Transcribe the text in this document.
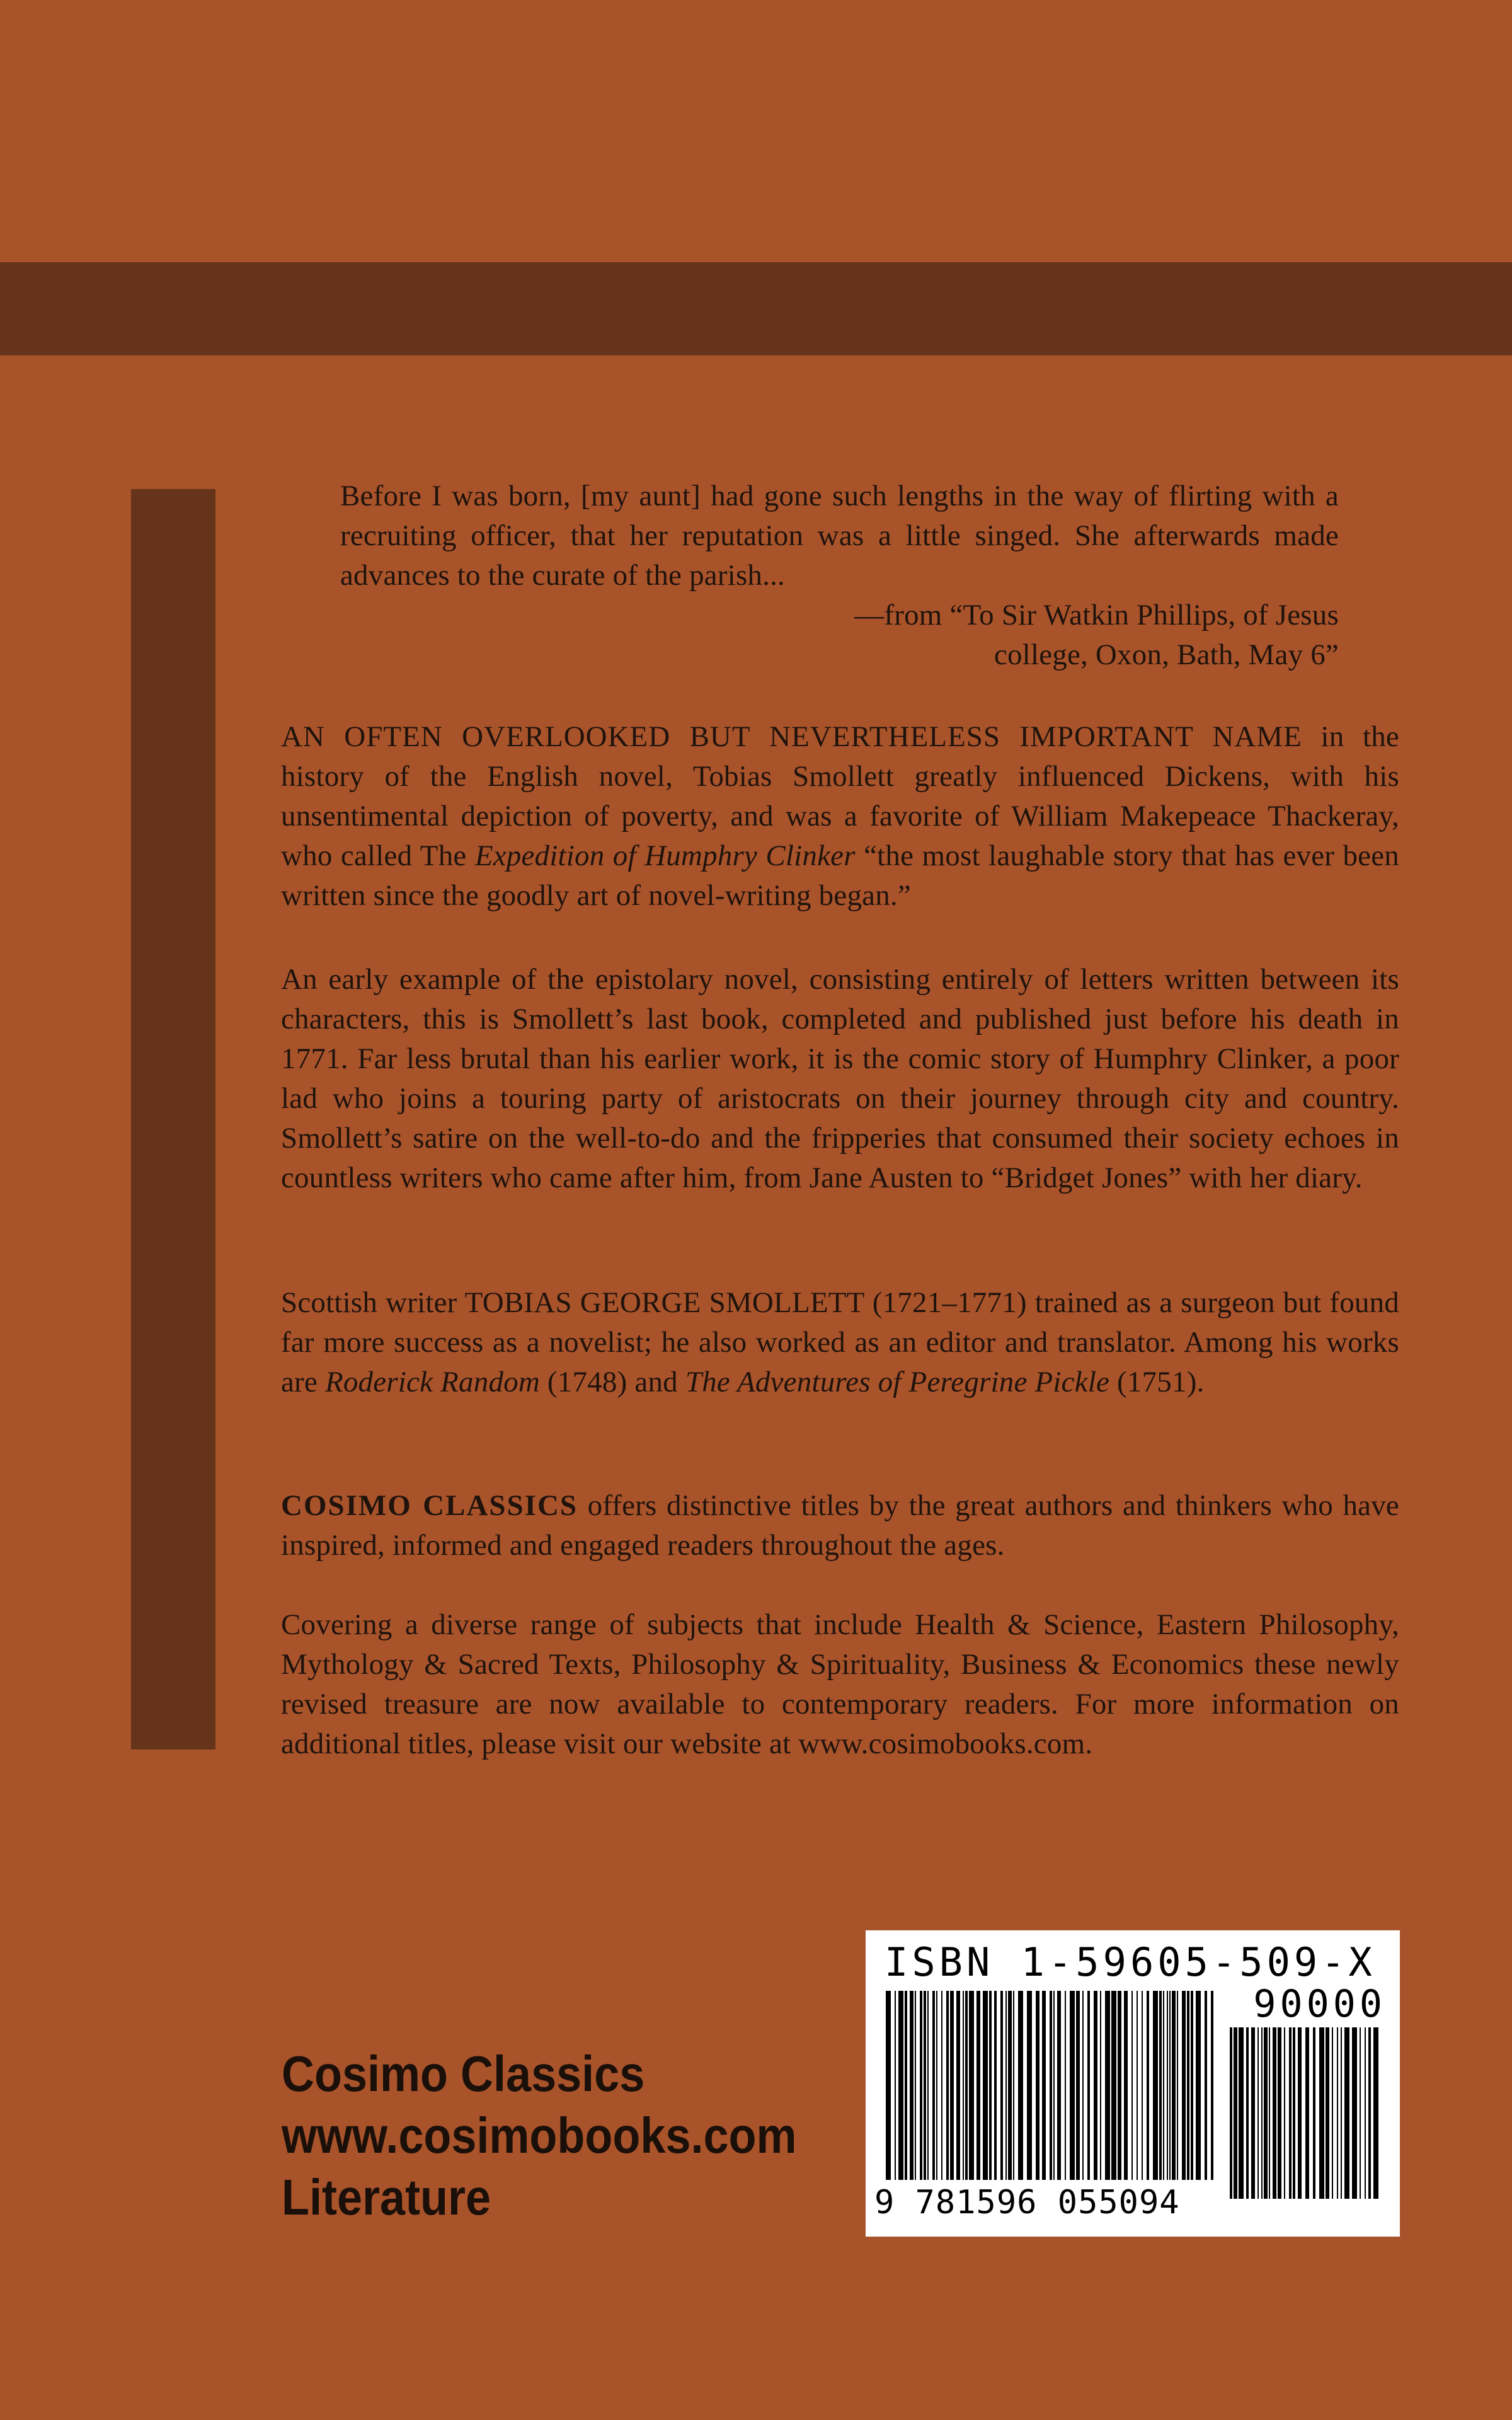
Before I was born, [my aunt] had gone such lengths in the way of flirting with a recruiting officer, that her reputation was a little singed. She afterwards made advances to the curate of the parish...
—from “To Sir Watkin Phillips, of Jesus
college, Oxon, Bath, May 6”

AN OFTEN OVERLOOKED BUT NEVERTHELESS IMPORTANT NAME in the history of the English novel, Tobias Smollett greatly influenced Dickens, with his unsentimental depiction of poverty, and was a favorite of William Makepeace Thackeray, who called The Expedition of Humphry Clinker “the most laughable story that has ever been written since the goodly art of novel-writing began.”

An early example of the epistolary novel, consisting entirely of letters written between its characters, this is Smollett’s last book, completed and published just before his death in 1771. Far less brutal than his earlier work, it is the comic story of Humphry Clinker, a poor lad who joins a touring party of aristocrats on their journey through city and country. Smollett’s satire on the well-to-do and the fripperies that consumed their society echoes in countless writers who came after him, from Jane Austen to “Bridget Jones” with her diary.

Scottish writer TOBIAS GEORGE SMOLLETT (1721–1771) trained as a surgeon but found far more success as a novelist; he also worked as an editor and translator. Among his works are Roderick Random (1748) and The Adventures of Peregrine Pickle (1751).

COSIMO CLASSICS offers distinctive titles by the great authors and thinkers who have inspired, informed and engaged readers throughout the ages.

Covering a diverse range of subjects that include Health & Science, Eastern Philosophy, Mythology & Sacred Texts, Philosophy & Spirituality, Business & Economics these newly revised treasure are now available to contemporary readers. For more information on additional titles, please visit our website at www.cosimobooks.com.

Cosimo Classics
www.cosimobooks.com
Literature
ISBN 1-59605-509-X
90000
9 781596 055094
